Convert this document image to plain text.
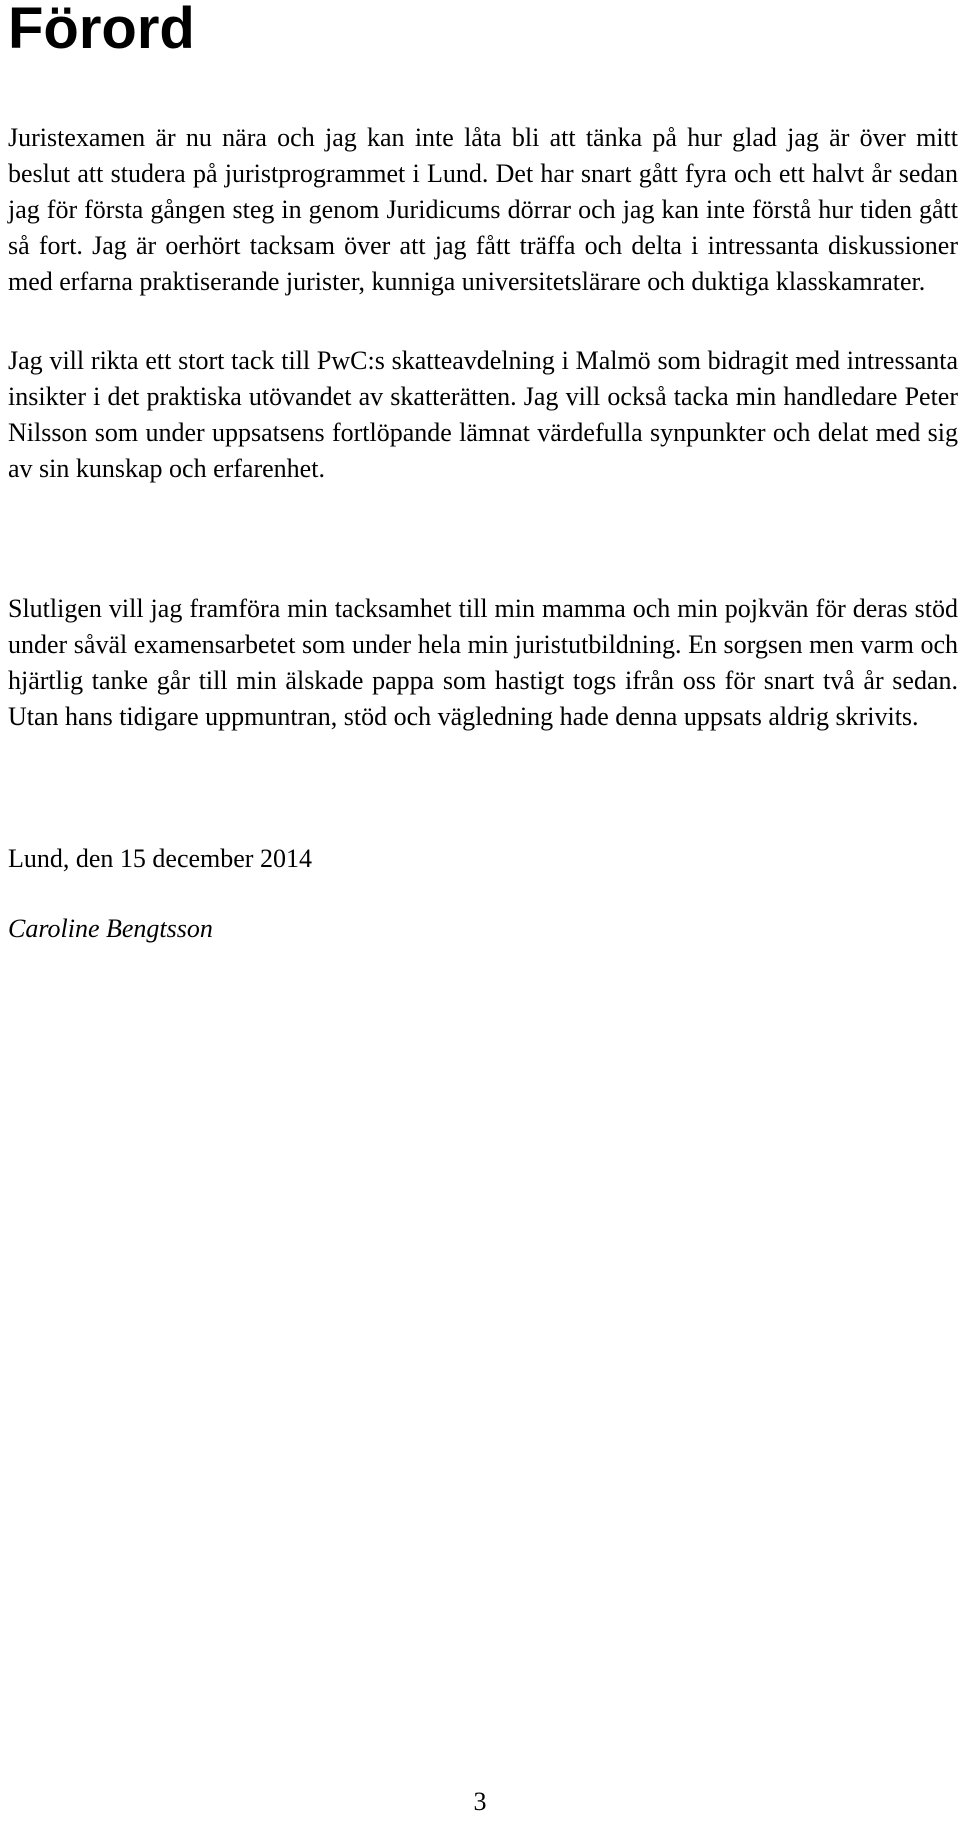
Förord

Juristexamen är nu nära och jag kan inte låta bli att tänka på hur glad jag är över mitt beslut att studera på juristprogrammet i Lund. Det har snart gått fyra och ett halvt år sedan jag för första gången steg in genom Juridicums dörrar och jag kan inte förstå hur tiden gått så fort. Jag är oerhört tacksam över att jag fått träffa och delta i intressanta diskussioner med erfarna praktiserande jurister, kunniga universitetslärare och duktiga klasskamrater.

Jag vill rikta ett stort tack till PwC:s skatteavdelning i Malmö som bidragit med intressanta insikter i det praktiska utövandet av skatterätten. Jag vill också tacka min handledare Peter Nilsson som under uppsatsens fortlöpande lämnat värdefulla synpunkter och delat med sig av sin kunskap och erfarenhet.

Slutligen vill jag framföra min tacksamhet till min mamma och min pojkvän för deras stöd under såväl examensarbetet som under hela min juristutbildning. En sorgsen men varm och hjärtlig tanke går till min älskade pappa som hastigt togs ifrån oss för snart två år sedan. Utan hans tidigare uppmuntran, stöd och vägledning hade denna uppsats aldrig skrivits.

Lund, den 15 december 2014

Caroline Bengtsson

3
